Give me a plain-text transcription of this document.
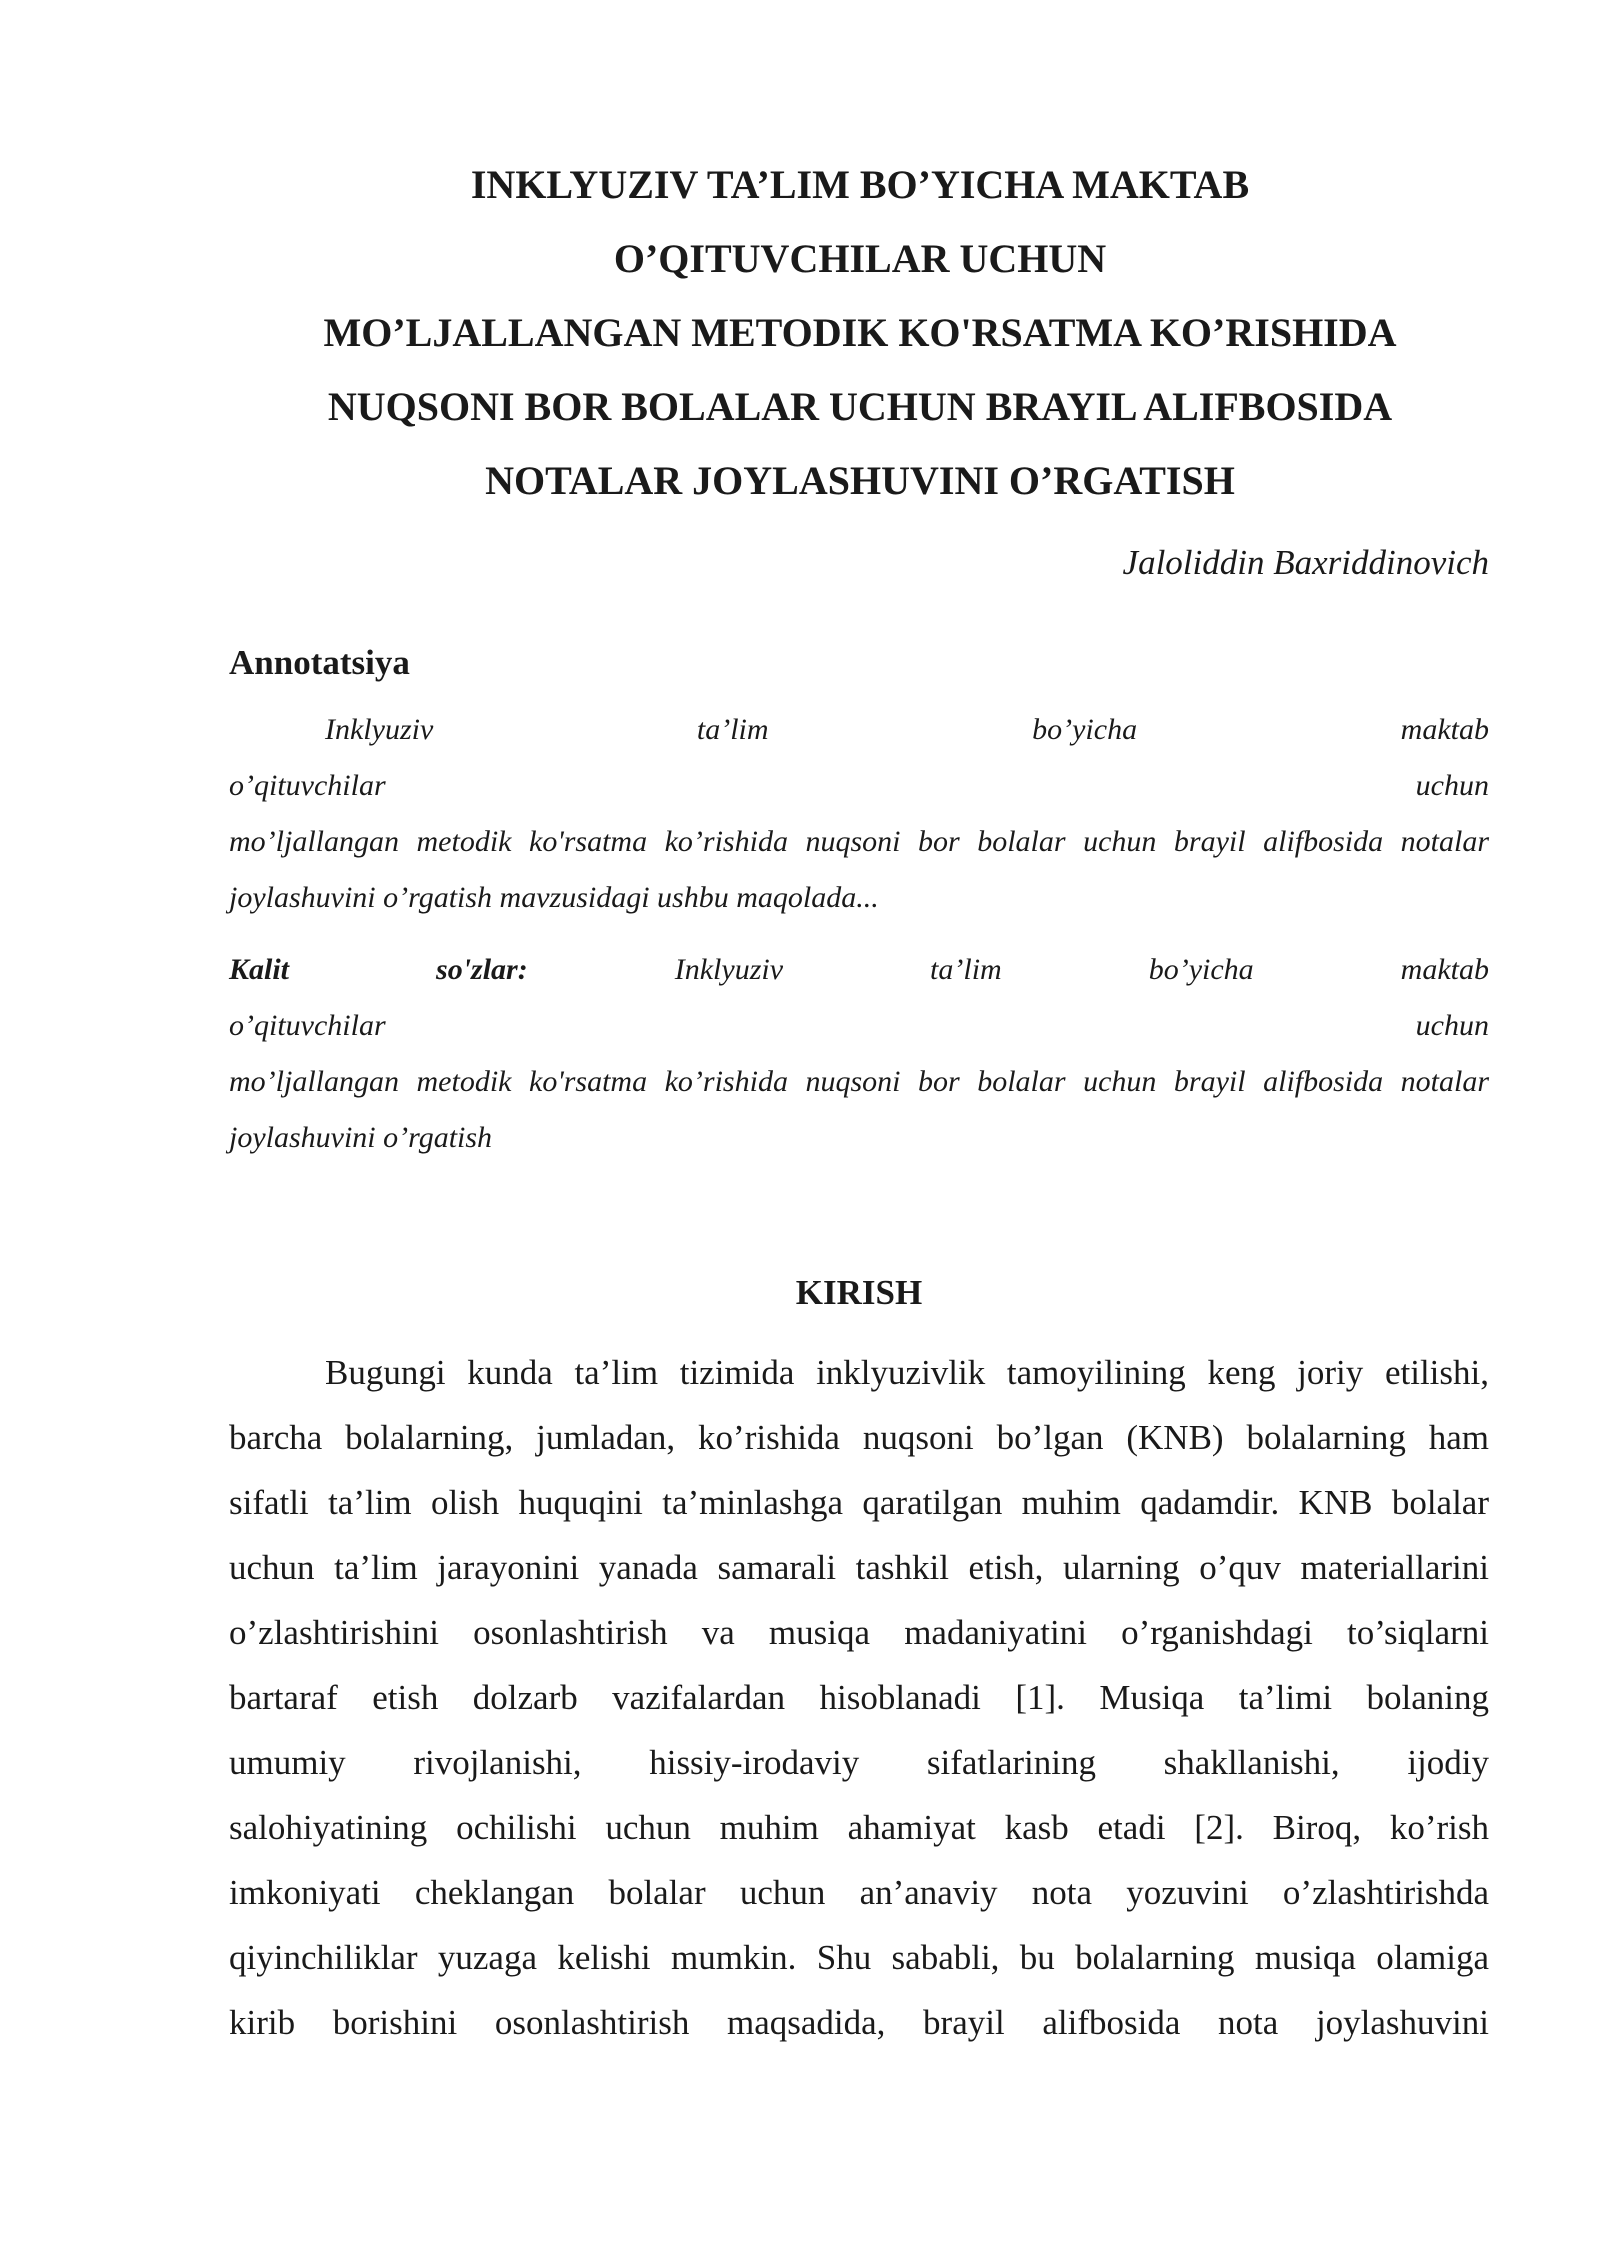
INKLYUZIV TA’LIM BO’YICHA MAKTAB
O’QITUVCHILAR UCHUN
MO’LJALLANGAN METODIK KO'RSATMA KO’RISHIDA
NUQSONI BOR BOLALAR UCHUN BRAYIL ALIFBOSIDA
NOTALAR JOYLASHUVINI O’RGATISH

Jaloliddin Baxriddinovich

Annotatsiya
Inklyuziv ta’lim bo’yicha maktab
o’qituvchilar uchun
mo’ljallangan metodik ko'rsatma ko’rishida nuqsoni bor bolalar uchun brayil alifbosida notalar
joylashuvini o’rgatish mavzusidagi ushbu maqolada...
Kalit so'zlar:	Inklyuziv ta’lim bo’yicha maktab
o’qituvchilar uchun
mo’ljallangan metodik ko'rsatma ko’rishida nuqsoni bor bolalar uchun brayil alifbosida notalar
joylashuvini o’rgatish
KIRISH
Bugungi kunda ta’lim tizimida inklyuzivlik tamoyilining keng joriy etilishi,
barcha bolalarning, jumladan, ko’rishida nuqsoni bo’lgan (KNB) bolalarning ham
sifatli ta’lim olish huquqini ta’minlashga qaratilgan muhim qadamdir. KNB bolalar
uchun ta’lim jarayonini yanada samarali tashkil etish, ularning o’quv materiallarini
o’zlashtirishini osonlashtirish va musiqa madaniyatini o’rganishdagi to’siqlarni
bartaraf etish dolzarb vazifalardan hisoblanadi [1]. Musiqa ta’limi bolaning
umumiy rivojlanishi, hissiy-irodaviy sifatlarining shakllanishi, ijodiy
salohiyatining ochilishi uchun muhim ahamiyat kasb etadi [2]. Biroq, ko’rish
imkoniyati cheklangan bolalar uchun an’anaviy nota yozuvini o’zlashtirishda
qiyinchiliklar yuzaga kelishi mumkin. Shu sababli, bu bolalarning musiqa olamiga
kirib borishini osonlashtirish maqsadida, brayil alifbosida nota joylashuvini
